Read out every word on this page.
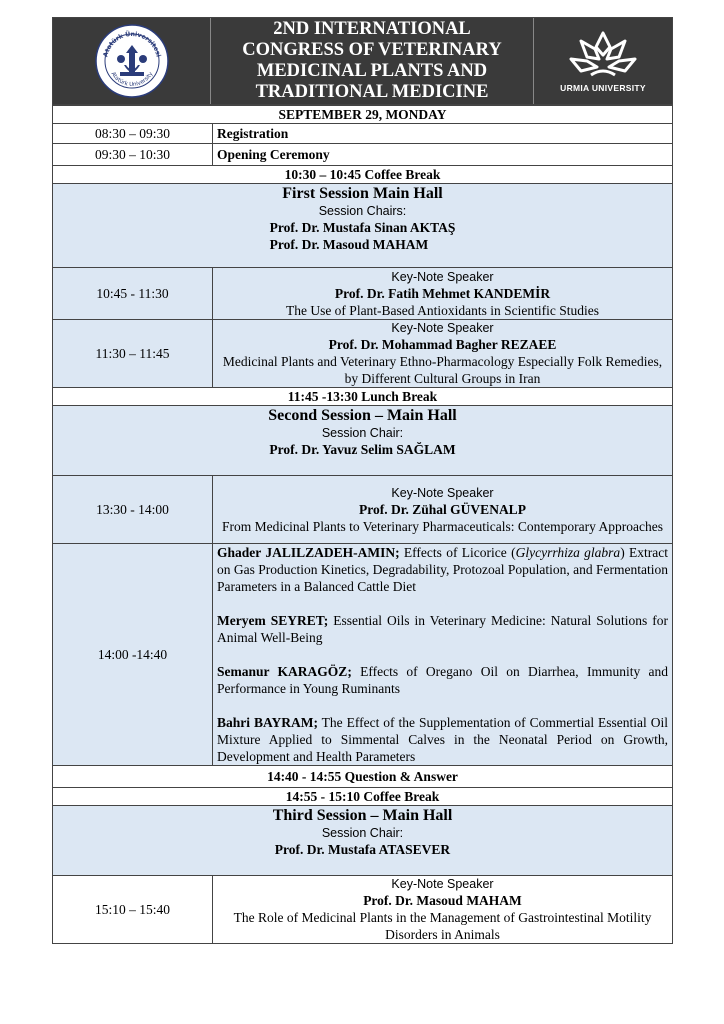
Atatürk Üniversitesi
Atatürk University
2ND INTERNATIONAL
CONGRESS OF VETERINARY
MEDICINAL PLANTS AND
TRADITIONAL MEDICINE	URMIA UNIVERSITY
SEPTEMBER 29, MONDAY	
08:30 – 09:30	Registration
09:30 – 10:30	Opening Ceremony
10:30 – 10:45 Coffee Break	

First Session Main Hall
Session Chairs:
Prof. Dr. Mustafa Sinan AKTAŞ
Prof. Dr. Masoud MAHAM	

10:45 - 11:30	Key-Note Speaker
Prof. Dr. Fatih Mehmet KANDEMİR
The Use of Plant-Based Antioxidants in Scientific Studies

11:30 – 11:45	Key-Note Speaker
Prof. Dr. Mohammad Bagher REZAEE
Medicinal Plants and Veterinary Ethno-Pharmacology Especially Folk Remedies, by Different Cultural Groups in Iran

11:45 -13:30 Lunch Break	

Second Session – Main Hall
Session Chair:
Prof. Dr. Yavuz Selim SAĞLAM	

13:30 - 14:00	Key-Note Speaker
Prof. Dr. Zühal GÜVENALP
From Medicinal Plants to Veterinary Pharmaceuticals: Contemporary Approaches

14:00 -14:40	Ghader JALILZADEH-AMIN; Effects of Licorice (Glycyrrhiza glabra) Extract on Gas Production Kinetics, Degradability, Protozoal Population, and Fermentation Parameters in a Balanced Cattle Diet

Meryem SEYRET; Essential Oils in Veterinary Medicine: Natural Solutions for Animal Well-Being

Semanur KARAGÖZ; Effects of Oregano Oil on Diarrhea, Immunity and Performance in Young Ruminants

Bahri BAYRAM; The Effect of the Supplementation of Commertial Essential Oil Mixture Applied to Simmental Calves in the Neonatal Period on Growth, Development and Health Parameters

14:40 - 14:55 Question & Answer	
14:55 - 15:10 Coffee Break	

Third Session – Main Hall
Session Chair:
Prof. Dr. Mustafa ATASEVER	

15:10 – 15:40	Key-Note Speaker
Prof. Dr. Masoud MAHAM
The Role of Medicinal Plants in the Management of Gastrointestinal Motility Disorders in Animals
